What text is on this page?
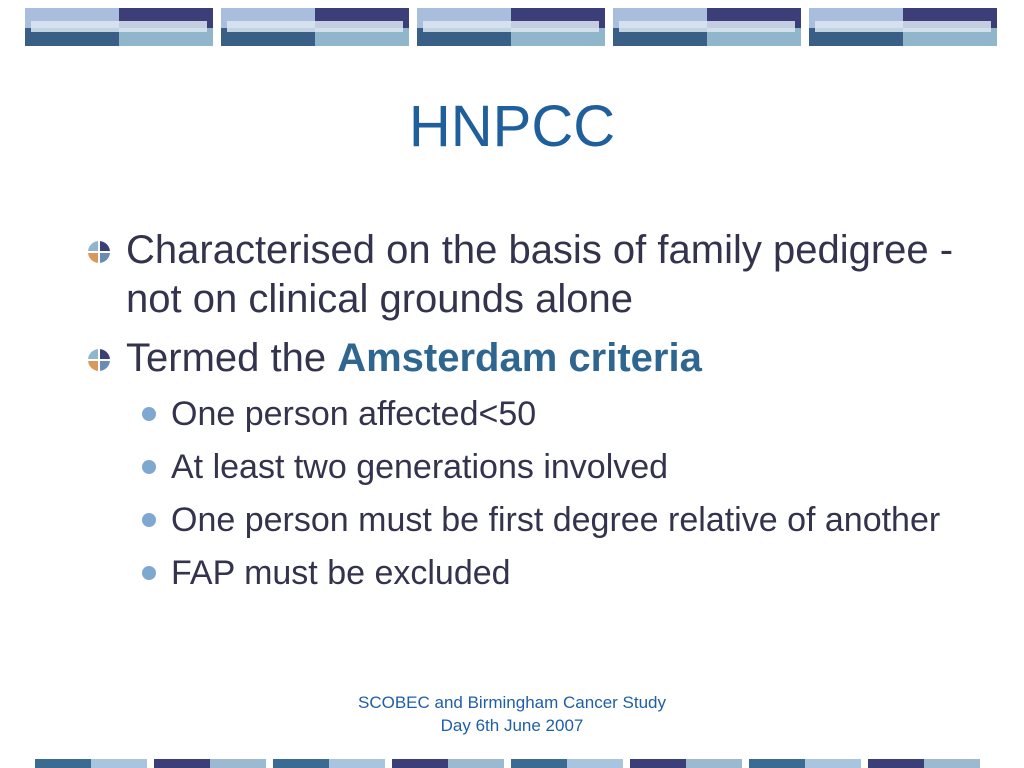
HNPCC
Characterised on the basis of family pedigree - not on clinical grounds alone
Termed the Amsterdam criteria
One person affected<50
At least two generations involved
One person must be first degree relative of another
FAP must be excluded
SCOBEC and Birmingham Cancer Study
Day 6th June 2007
